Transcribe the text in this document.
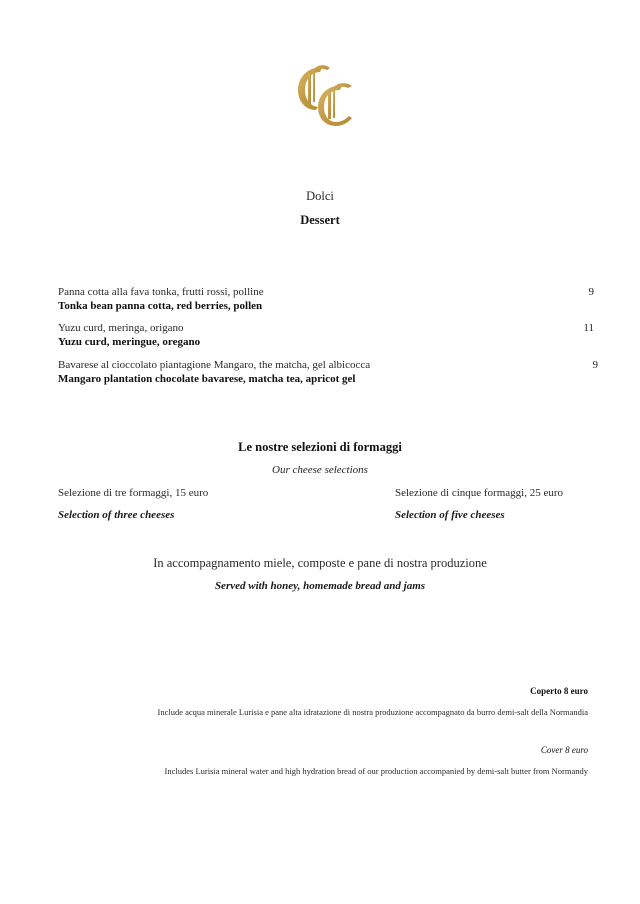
Dolci
Dessert
Panna cotta alla fava tonka, frutti rossi, polline
Tonka bean panna cotta, red berries, pollen
9
Yuzu curd, meringa, origano
Yuzu curd, meringue, oregano
11
Bavarese al cioccolato piantagione Mangaro, the matcha, gel albicocca
Mangaro plantation chocolate bavarese, matcha tea, apricot gel
9
Le nostre selezioni di formaggi
Our cheese selections
Selezione di tre formaggi, 15 euro
Selection of three cheeses
Selezione di cinque formaggi, 25 euro
Selection of five cheeses
In accompagnamento miele, composte e pane di nostra produzione
Served with honey, homemade bread and jams
Coperto 8 euro
Include acqua minerale Lurisia e pane alta idratazione di nostra produzione accompagnato da burro demi-salt della Normandia
Cover 8 euro
Includes Lurisia mineral water and high hydration bread of our production accompanied by demi-salt butter from Normandy
